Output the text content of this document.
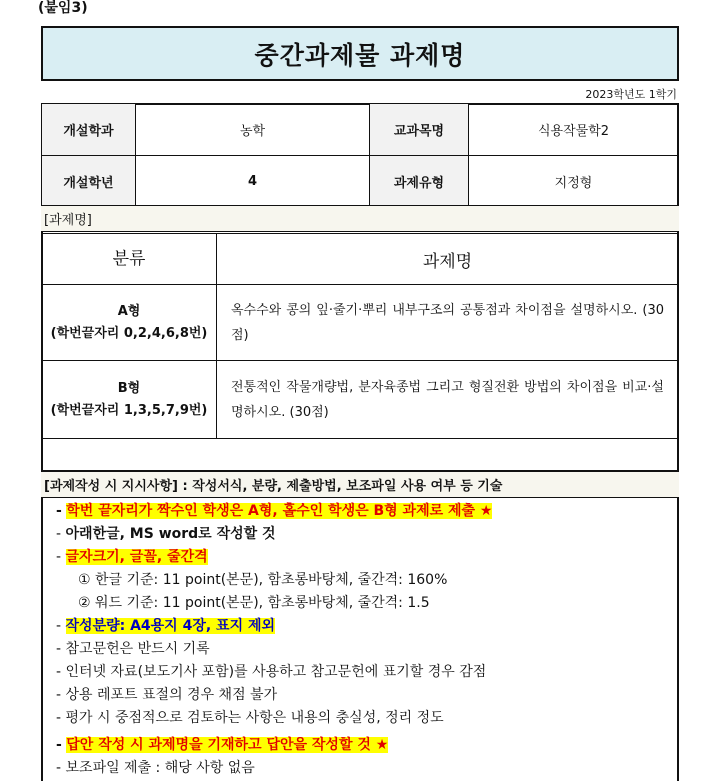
(붙임3)
중간과제물 과제명
2023학년도 1학기
개설학과	농학	교과목명	식용작물학2
개설학년	4	과제유형	지정형
[과제명]
분류	과제명

A형
(학번끝자리 0,2,4,6,8번)	옥수수와 콩의 잎·줄기·뿌리 내부구조의 공통점과 차이점을 설명하시오. (30점)

B형
(학번끝자리 1,3,5,7,9번)	전통적인 작물개량법, 분자육종법 그리고 형질전환 방법의 차이점을 비교·설명하시오. (30점)
[과제작성 시 지시사항] : 작성서식, 분량, 제출방법, 보조파일 사용 여부 등 기술
- 학번 끝자리가 짝수인 학생은 A형, 홀수인 학생은 B형 과제로 제출 ★
- 아래한글, MS word로 작성할 것
- 글자크기, 글꼴, 줄간격
① 한글 기준: 11 point(본문), 함초롱바탕체, 줄간격: 160%
② 워드 기준: 11 point(본문), 함초롱바탕체, 줄간격: 1.5
- 작성분량: A4용지 4장, 표지 제외
- 참고문헌은 반드시 기록
- 인터넷 자료(보도기사 포함)를 사용하고 참고문헌에 표기할 경우 감점
- 상용 레포트 표절의 경우 채점 불가
- 평가 시 중점적으로 검토하는 사항은 내용의 충실성, 정리 정도
- 답안 작성 시 과제명을 기재하고 답안을 작성할 것 ★
- 보조파일 제출 : 해당 사항 없음
